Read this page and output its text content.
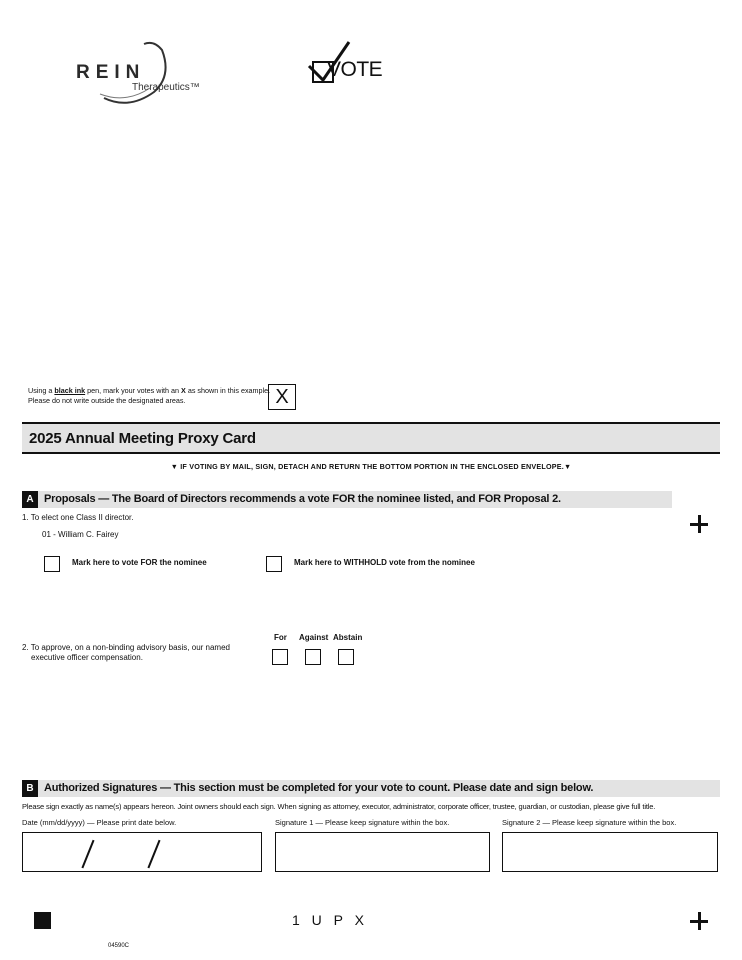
REIN
Therapeutics™
VOTE
Using a black ink pen, mark your votes with an X as shown in this example.
Please do not write outside the designated areas.	X
2025 Annual Meeting Proxy Card
▼ IF VOTING BY MAIL, SIGN, DETACH AND RETURN THE BOTTOM PORTION IN THE ENCLOSED ENVELOPE.▼
A Proposals — The Board of Directors recommends a vote FOR the nominee listed, and FOR Proposal 2.
1. To elect one Class II director.
01 - William C. Fairey
Mark here to vote FOR the nominee	Mark here to WITHHOLD vote from the nominee
2. To approve, on a non-binding advisory basis, our named
executive officer compensation.
For Against Abstain
B Authorized Signatures — This section must be completed for your vote to count. Please date and sign below.
Please sign exactly as name(s) appears hereon. Joint owners should each sign. When signing as attorney, executor, administrator, corporate officer, trustee, guardian, or custodian, please give full title.
Date (mm/dd/yyyy) — Please print date below.	Signature 1 — Please keep signature within the box.	Signature 2 — Please keep signature within the box.
1 U P X
04590C
